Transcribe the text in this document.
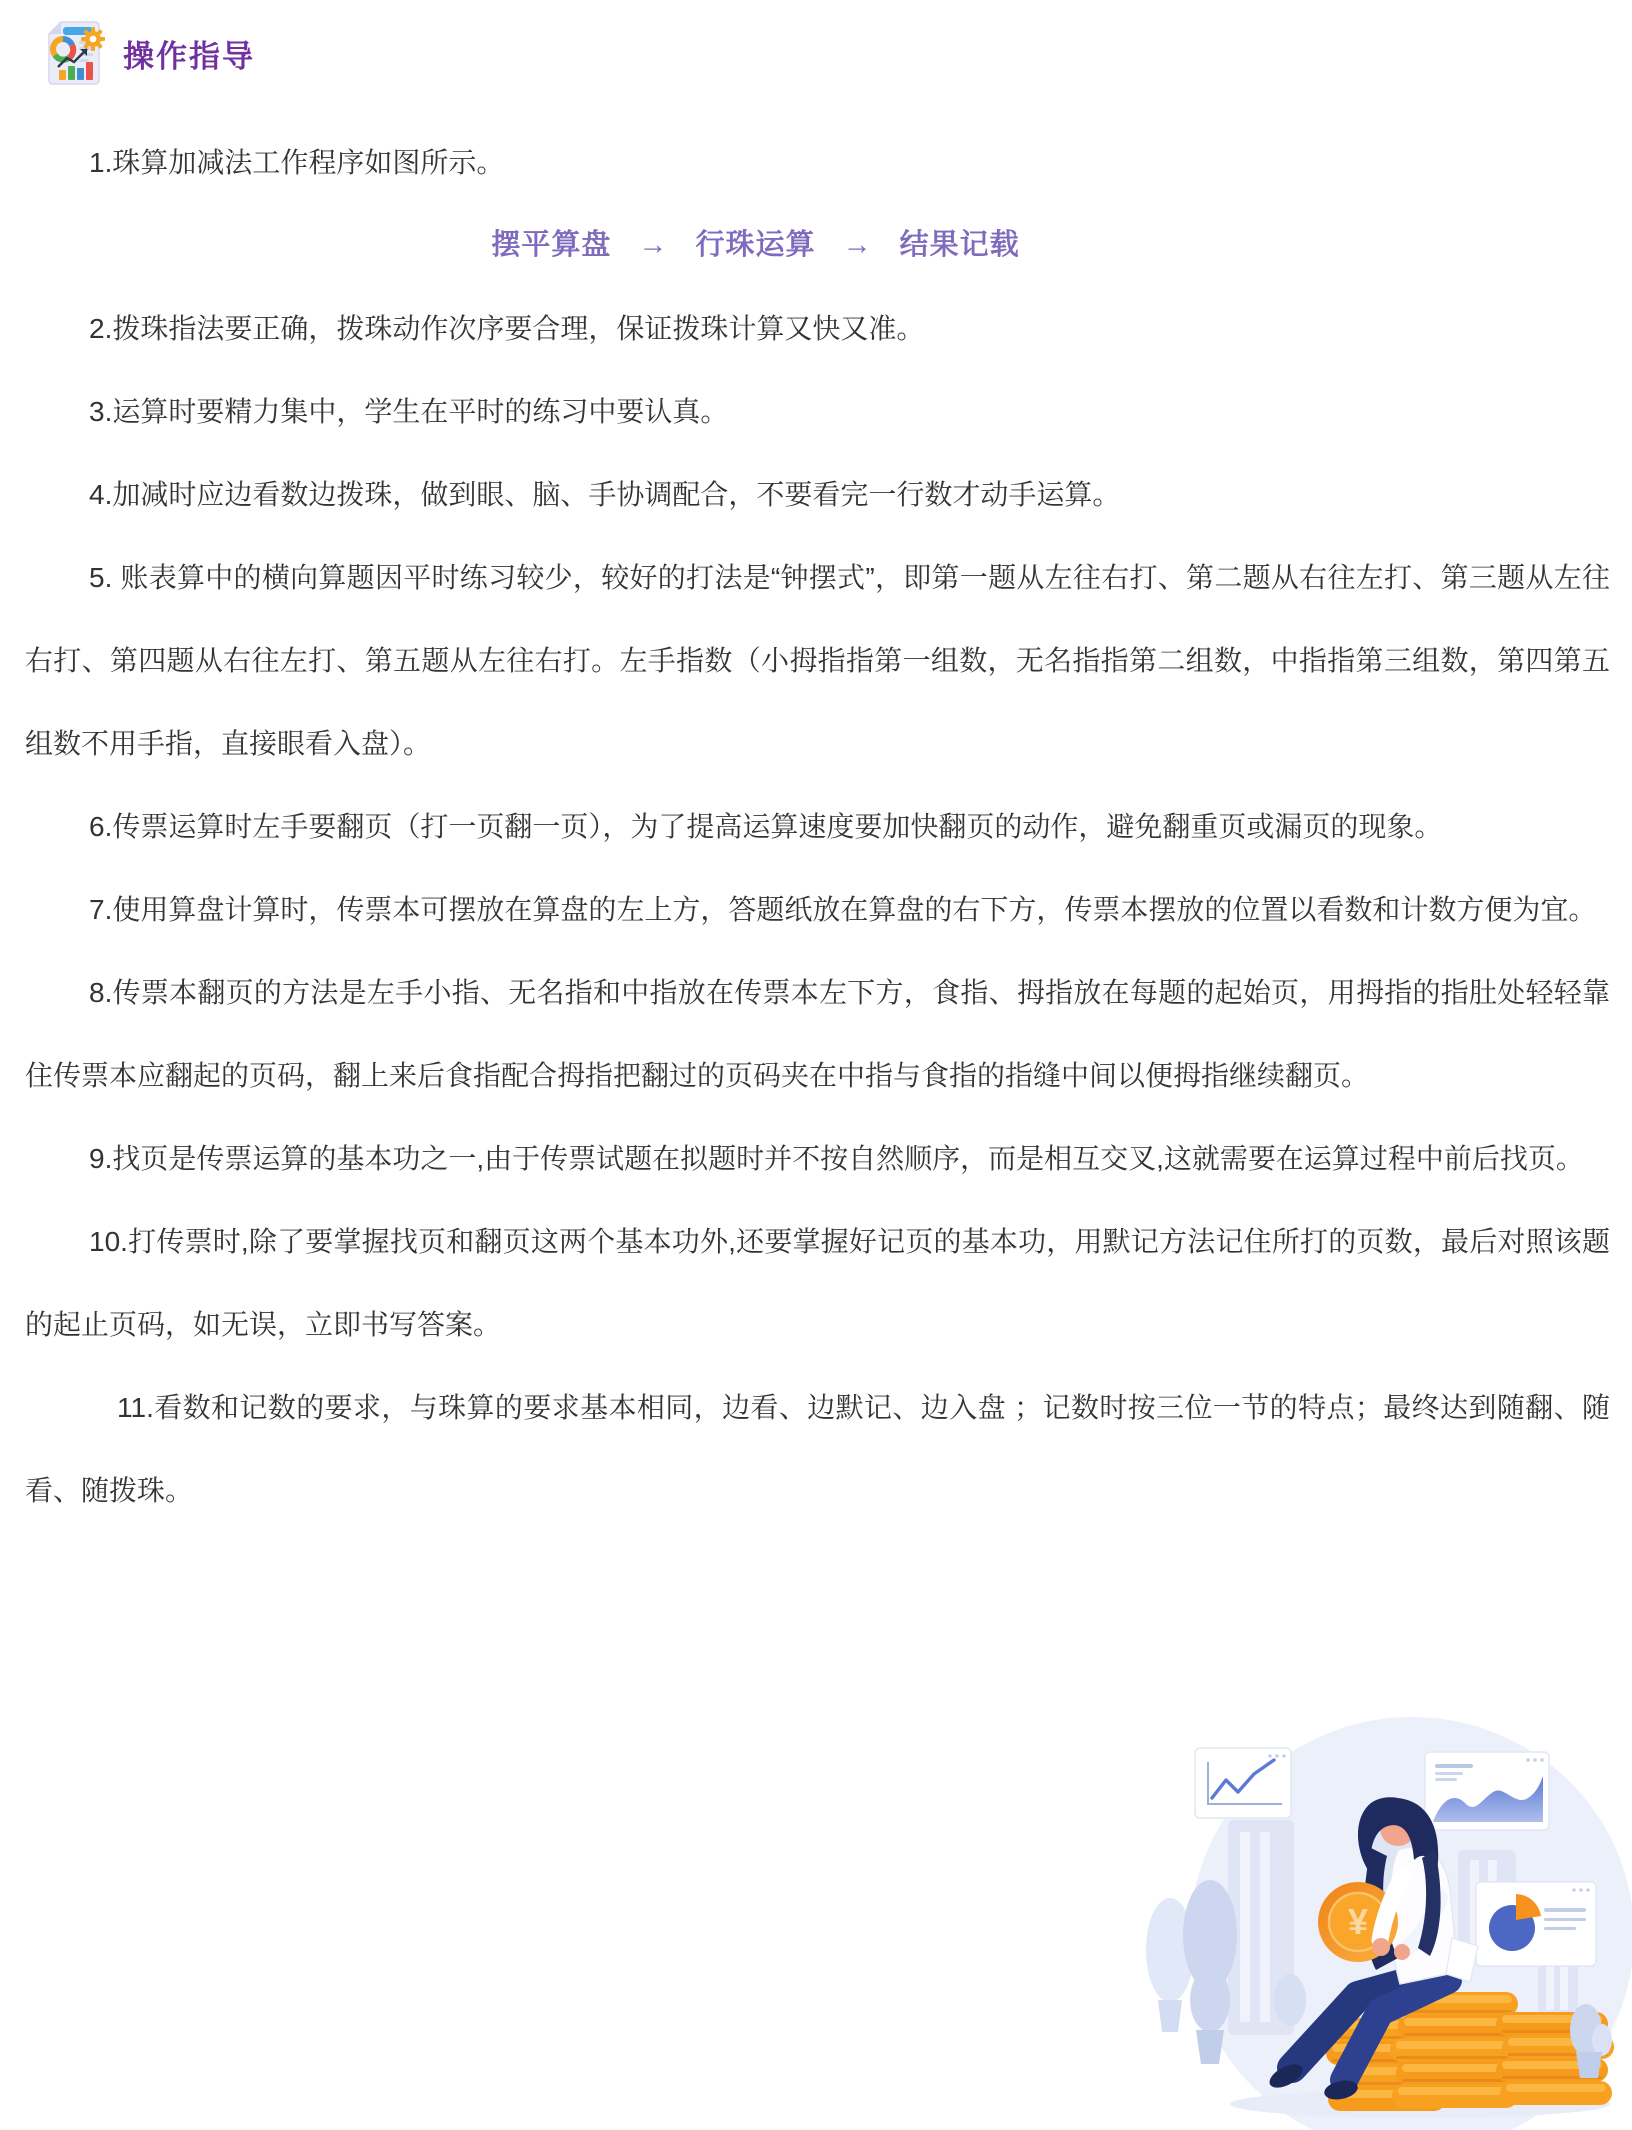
操作指导

1.珠算加减法工作程序如图所示。

摆平算盘 → 行珠运算 → 结果记载

2.拨珠指法要正确，拨珠动作次序要合理，保证拨珠计算又快又准。

3.运算时要精力集中，学生在平时的练习中要认真。

4.加减时应边看数边拨珠，做到眼、脑、手协调配合，不要看完一行数才动手运算。

5. 账表算中的横向算题因平时练习较少，较好的打法是“钟摆式”，即第一题从左往右打、第二题从右往左打、第三题从左往右打、第四题从右往左打、第五题从左往右打。左手指数（小拇指指第一组数，无名指指第二组数，中指指第三组数，第四第五组数不用手指，直接眼看入盘）。

6.传票运算时左手要翻页（打一页翻一页），为了提高运算速度要加快翻页的动作，避免翻重页或漏页的现象。

7.使用算盘计算时，传票本可摆放在算盘的左上方，答题纸放在算盘的右下方，传票本摆放的位置以看数和计数方便为宜。

8.传票本翻页的方法是左手小指、无名指和中指放在传票本左下方，食指、拇指放在每题的起始页，用拇指的指肚处轻轻靠住传票本应翻起的页码，翻上来后食指配合拇指把翻过的页码夹在中指与食指的指缝中间以便拇指继续翻页。

9.找页是传票运算的基本功之一,由于传票试题在拟题时并不按自然顺序，而是相互交叉,这就需要在运算过程中前后找页。

10.打传票时,除了要掌握找页和翻页这两个基本功外,还要掌握好记页的基本功，用默记方法记住所打的页数，最后对照该题的起止页码，如无误，立即书写答案。

11.看数和记数的要求，与珠算的要求基本相同，边看、边默记、边入盘 ；记数时按三位一节的特点；最终达到随翻、随看、随拨珠。

¥
